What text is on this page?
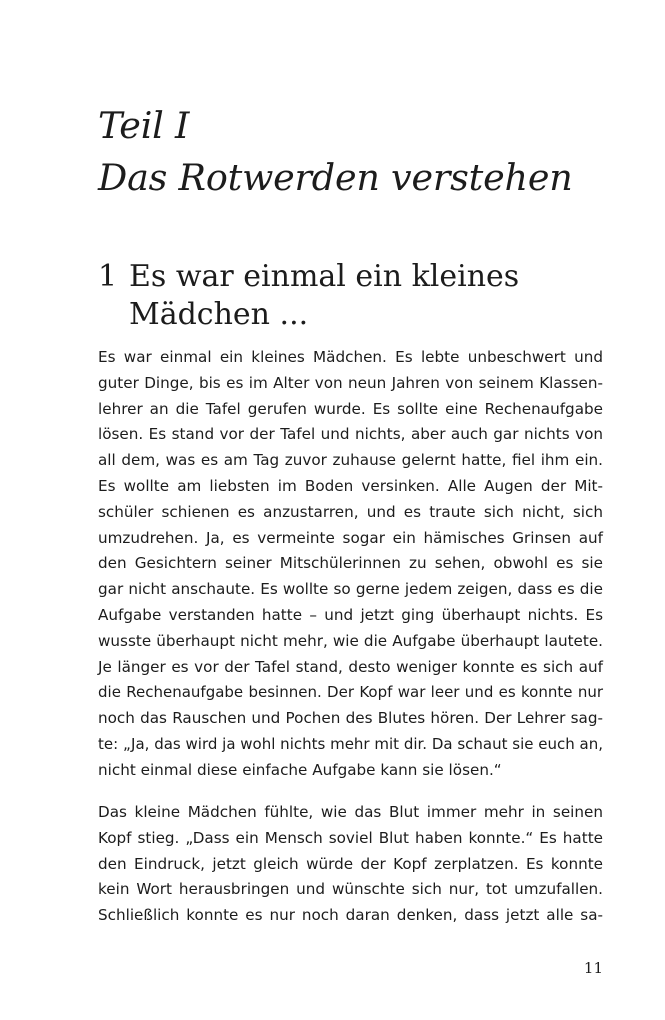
Teil I
Das Rotwerden verstehen
1 Es war einmal ein kleines
Mädchen ...

Es war einmal ein kleines Mädchen. Es lebte unbeschwert und
guter Dinge, bis es im Alter von neun Jahren von seinem Klassen-
lehrer an die Tafel gerufen wurde. Es sollte eine Rechenaufgabe
lösen. Es stand vor der Tafel und nichts, aber auch gar nichts von
all dem, was es am Tag zuvor zuhause gelernt hatte, fiel ihm ein.
Es wollte am liebsten im Boden versinken. Alle Augen der Mit-
schüler schienen es anzustarren, und es traute sich nicht, sich
umzudrehen. Ja, es vermeinte sogar ein hämisches Grinsen auf
den Gesichtern seiner Mitschülerinnen zu sehen, obwohl es sie
gar nicht anschaute. Es wollte so gerne jedem zeigen, dass es die
Aufgabe verstanden hatte – und jetzt ging überhaupt nichts. Es
wusste überhaupt nicht mehr, wie die Aufgabe überhaupt lautete.
Je länger es vor der Tafel stand, desto weniger konnte es sich auf
die Rechenaufgabe besinnen. Der Kopf war leer und es konnte nur
noch das Rauschen und Pochen des Blutes hören. Der Lehrer sag-
te: „Ja, das wird ja wohl nichts mehr mit dir. Da schaut sie euch an,
nicht einmal diese einfache Aufgabe kann sie lösen.“

Das kleine Mädchen fühlte, wie das Blut immer mehr in seinen
Kopf stieg. „Dass ein Mensch soviel Blut haben konnte.“ Es hatte
den Eindruck, jetzt gleich würde der Kopf zerplatzen. Es konnte
kein Wort herausbringen und wünschte sich nur, tot umzufallen.
Schließlich konnte es nur noch daran denken, dass jetzt alle sa-

11
